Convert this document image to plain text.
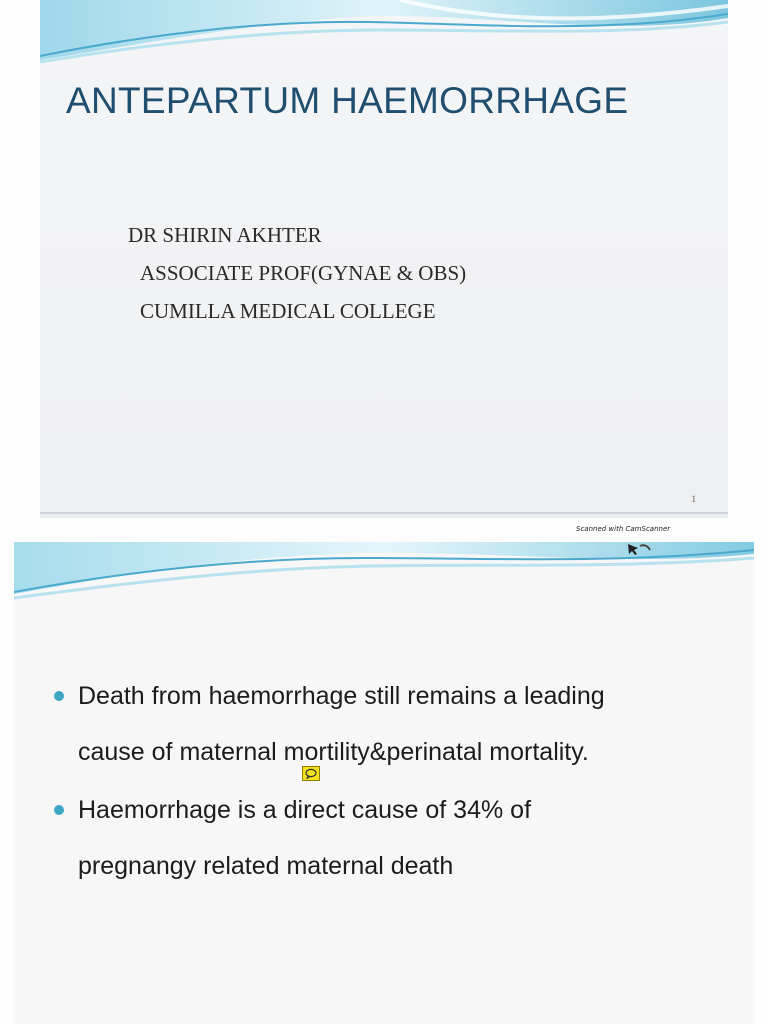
ANTEPARTUM HAEMORRHAGE
DR SHIRIN AKHTER
ASSOCIATE PROF(GYNAE & OBS)
CUMILLA MEDICAL COLLEGE
1
Scanned with CamScanner
Death from haemorrhage still remains a leading
cause of maternal mortility&perinatal mortality.
Haemorrhage is a direct cause of 34% of
pregnangy related maternal death
